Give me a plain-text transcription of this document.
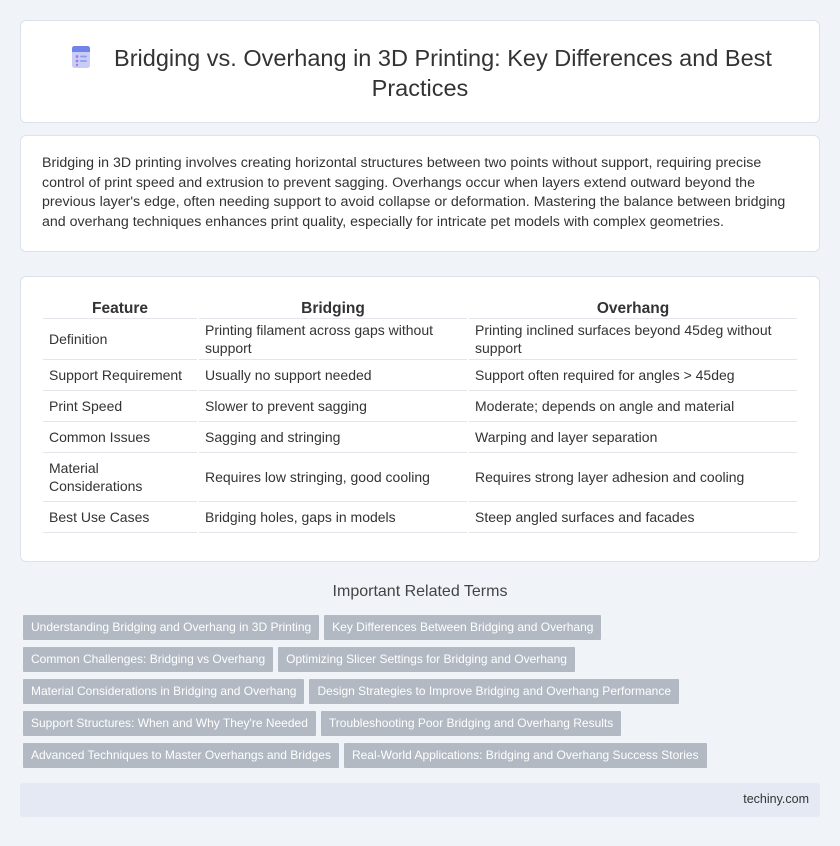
Bridging vs. Overhang in 3D Printing: Key Differences and Best Practices

Bridging in 3D printing involves creating horizontal structures between two points without support, requiring precise control of print speed and extrusion to prevent sagging. Overhangs occur when layers extend outward beyond the previous layer's edge, often needing support to avoid collapse or deformation. Mastering the balance between bridging and overhang techniques enhances print quality, especially for intricate pet models with complex geometries.

Feature	Bridging	Overhang
Definition	Printing filament across gaps without support	Printing inclined surfaces beyond 45deg without support
Support Requirement	Usually no support needed	Support often required for angles > 45deg
Print Speed	Slower to prevent sagging	Moderate; depends on angle and material
Common Issues	Sagging and stringing	Warping and layer separation
Material Considerations	Requires low stringing, good cooling	Requires strong layer adhesion and cooling
Best Use Cases	Bridging holes, gaps in models	Steep angled surfaces and facades
Important Related Terms
Understanding Bridging and Overhang in 3D Printing Key Differences Between Bridging and Overhang
Common Challenges: Bridging vs Overhang Optimizing Slicer Settings for Bridging and Overhang
Material Considerations in Bridging and Overhang Design Strategies to Improve Bridging and Overhang Performance
Support Structures: When and Why They're Needed Troubleshooting Poor Bridging and Overhang Results
Advanced Techniques to Master Overhangs and Bridges Real-World Applications: Bridging and Overhang Success Stories
techiny.com
